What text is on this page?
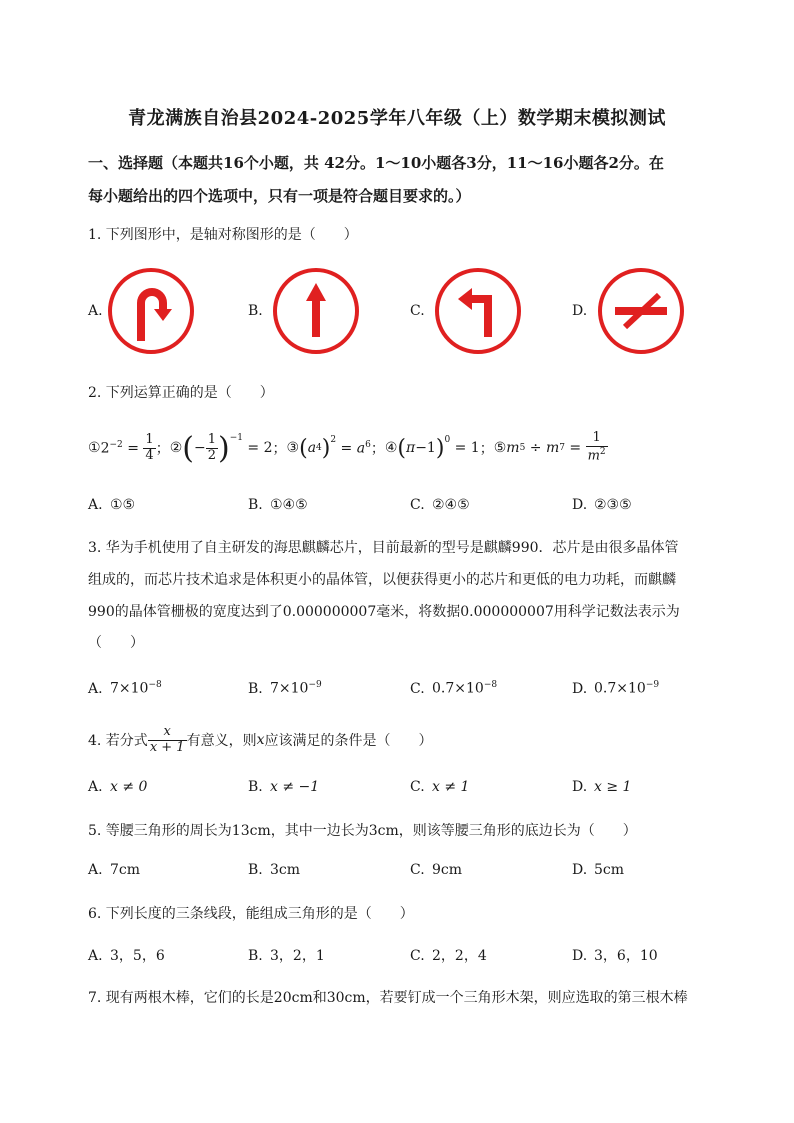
青龙满族自治县2024-2025学年八年级（上）数学期末模拟测试
一、选择题（本题共16个小题，共 42分。1～10小题各3分，11～16小题各2分。在
每小题给出的四个选项中，只有一项是符合题目要求的。）
1. 下列图形中，是轴对称图形的是（　　）
A.	B.	C.	D.
2. 下列运算正确的是（　　）
① $2^{-2} = \frac{1}{4}$ ； ② ( − $\frac{1}{2} )^{-1}$
= 2 ； ③ ( a 4 )$^2$
= $a^6$ ； ④ ( π −1 )$^0$ = 1 ； ⑤ m 5 ÷ m $7 = \frac{1}{m^2}$
A. ①⑤	B. ①④⑤	C. ②④⑤	D. ②③⑤
3. 华为手机使用了自主研发的海思麒麟芯片，目前最新的型号是麒麟990．芯片是由很多晶体管
组成的，而芯片技术追求是体积更小的晶体管，以便获得更小的芯片和更低的电力功耗，而麒麟
990的晶体管栅极的宽度达到了0.000000007毫米，将数据0.000000007用科学记数法表示为
（　　）
A. $7\times 10^{-8}$	B. $7\times 10^{-9}$	C. $0.7\times 10^{-8}$	D. $0.7\times 10^{-9}$
4. 若分式 $\frac{x}{x + 1}$ 有意义，则 x 应该满足的条件是（　　）
A. x ≠ 0	B. x ≠ −1	C. x ≠ 1	D. x ≥ 1
5. 等腰三角形的周长为13cm，其中一边长为3cm，则该等腰三角形的底边长为（　　）
A. 7cm	B. 3cm	C. 9cm	D. 5cm
6. 下列长度的三条线段，能组成三角形的是（　　）
A. 3，5，6	B. 3，2，1	C. 2，2，4	D. 3，6，10
7. 现有两根木棒，它们的长是20cm和30cm，若要钉成一个三角形木架，则应选取的第三根木棒
